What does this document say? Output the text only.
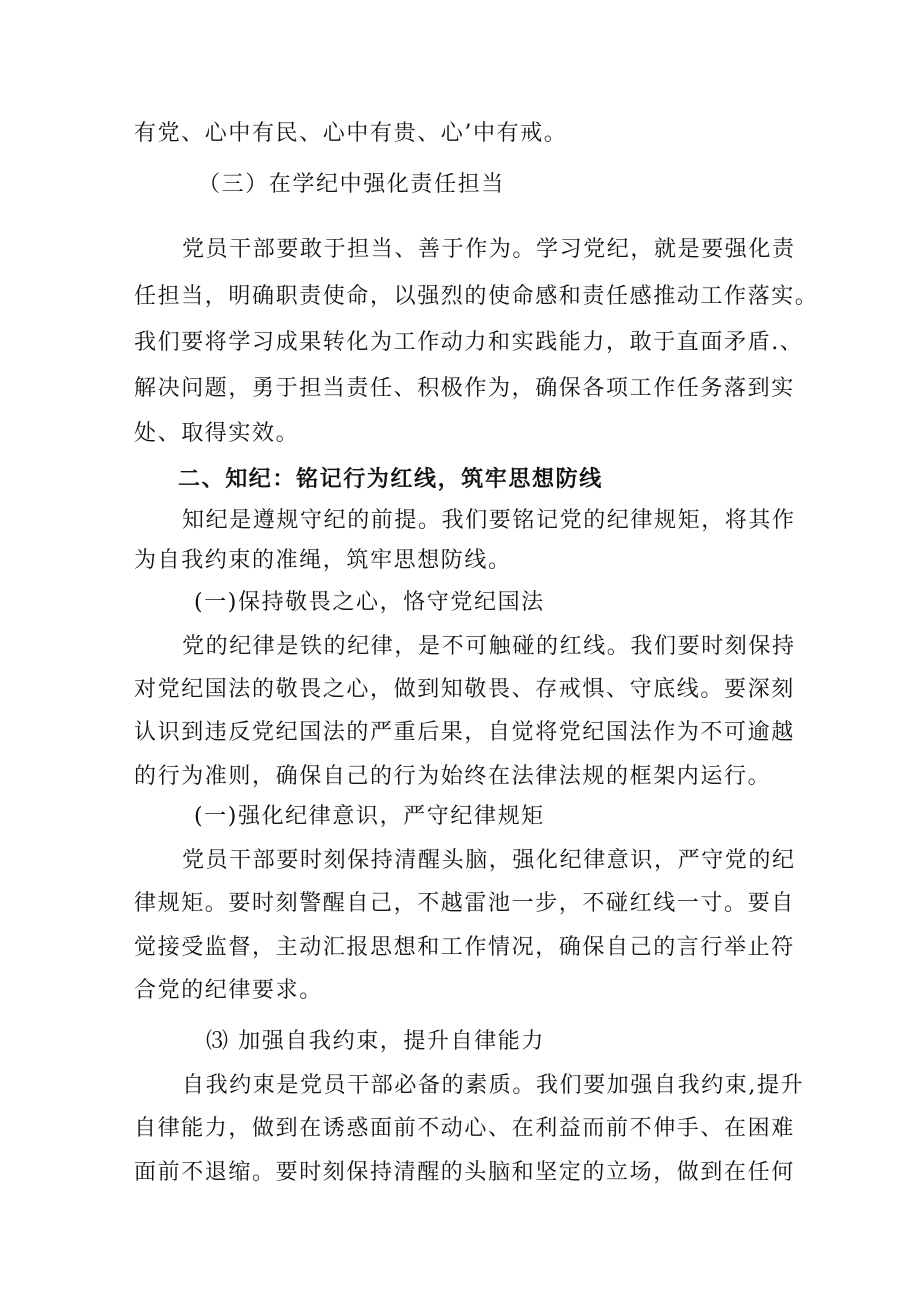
有党、心中有民、心中有贵、心’中有戒。

（三）在学纪中强化责任担当

党员干部要敢于担当、善于作为。学习党纪，就是要强化责

任担当，明确职责使命，以强烈的使命感和责任感推动工作落实。

我们要将学习成果转化为工作动力和实践能力，敢于直面矛盾.、

解决问题，勇于担当责任、积极作为，确保各项工作任务落到实

处、取得实效。

二、知纪：铭记行为红线，筑牢思想防线

知纪是遵规守纪的前提。我们要铭记党的纪律规矩，将其作

为自我约束的准绳，筑牢思想防线。

(一)保持敬畏之心，恪守党纪国法

党的纪律是铁的纪律，是不可触碰的红线。我们要时刻保持

对党纪国法的敬畏之心，做到知敬畏、存戒惧、守底线。要深刻

认识到违反党纪国法的严重后果，自觉将党纪国法作为不可逾越

的行为准则，确保自己的行为始终在法律法规的框架内运行。

(一)强化纪律意识，严守纪律规矩

党员干部要时刻保持清醒头脑，强化纪律意识，严守党的纪

律规矩。要时刻警醒自己，不越雷池一步，不碰红线一寸。要自

觉接受监督，主动汇报思想和工作情况，确保自己的言行举止符

合党的纪律要求。

⑶ 加强自我约束，提升自律能力

自我约束是党员干部必备的素质。我们要加强自我约束,提升

自律能力，做到在诱惑面前不动心、在利益而前不伸手、在困难

面前不退缩。要时刻保持清醒的头脑和坚定的立场，做到在任何
